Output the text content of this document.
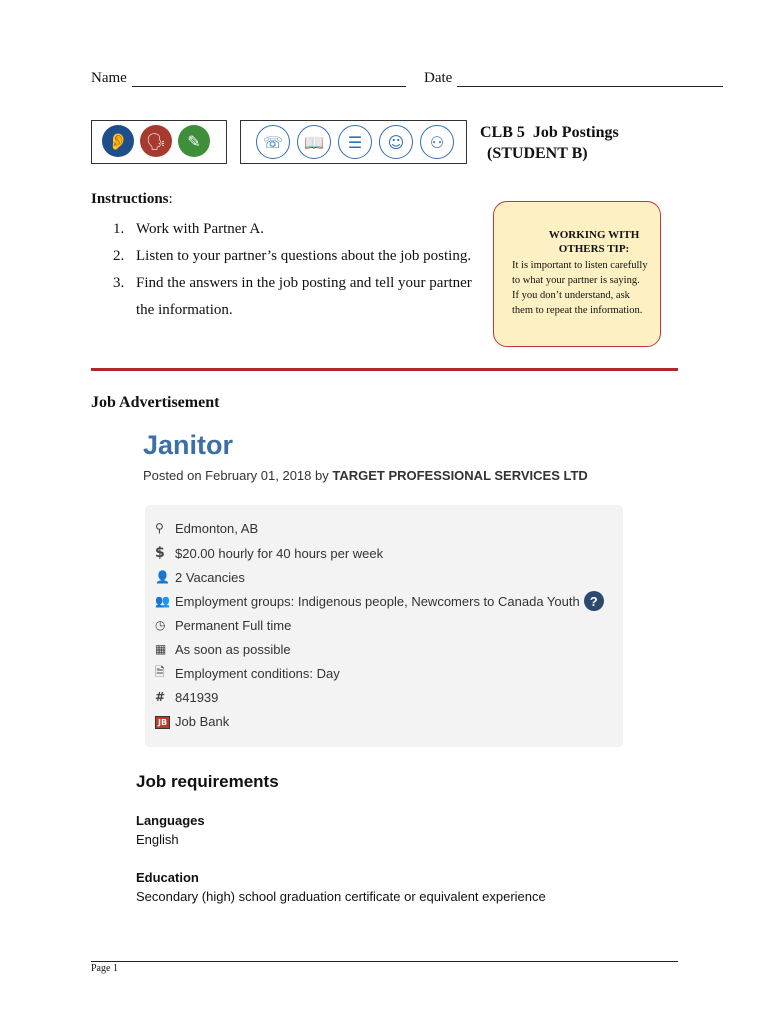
Name	Date
👂	🗣	✎	☏	📖	☰	☺	⚇	CLB 5  Job Postings
(STUDENT B)
Instructions:
1. Work with Partner A.
2. Listen to your partner’s questions about the job posting.
3. Find the answers in the job posting and tell your partner the information.
WORKING WITH OTHERS TIP:
It is important to listen carefully to what your partner is saying. If you don’t understand, ask them to repeat the information.
Job Advertisement
Janitor
Posted on February 01, 2018 by TARGET PROFESSIONAL SERVICES LTD
⚲ Edmonton, AB
$ $20.00 hourly for 40 hours per week
👤 2 Vacancies
👥 Employment groups: Indigenous people, Newcomers to Canada Youth ?
◷ Permanent Full time
▦ As soon as possible
🗎 Employment conditions: Day
# 841939
JB Job Bank
Job requirements
Languages
English
Education
Secondary (high) school graduation certificate or equivalent experience
Page 1
